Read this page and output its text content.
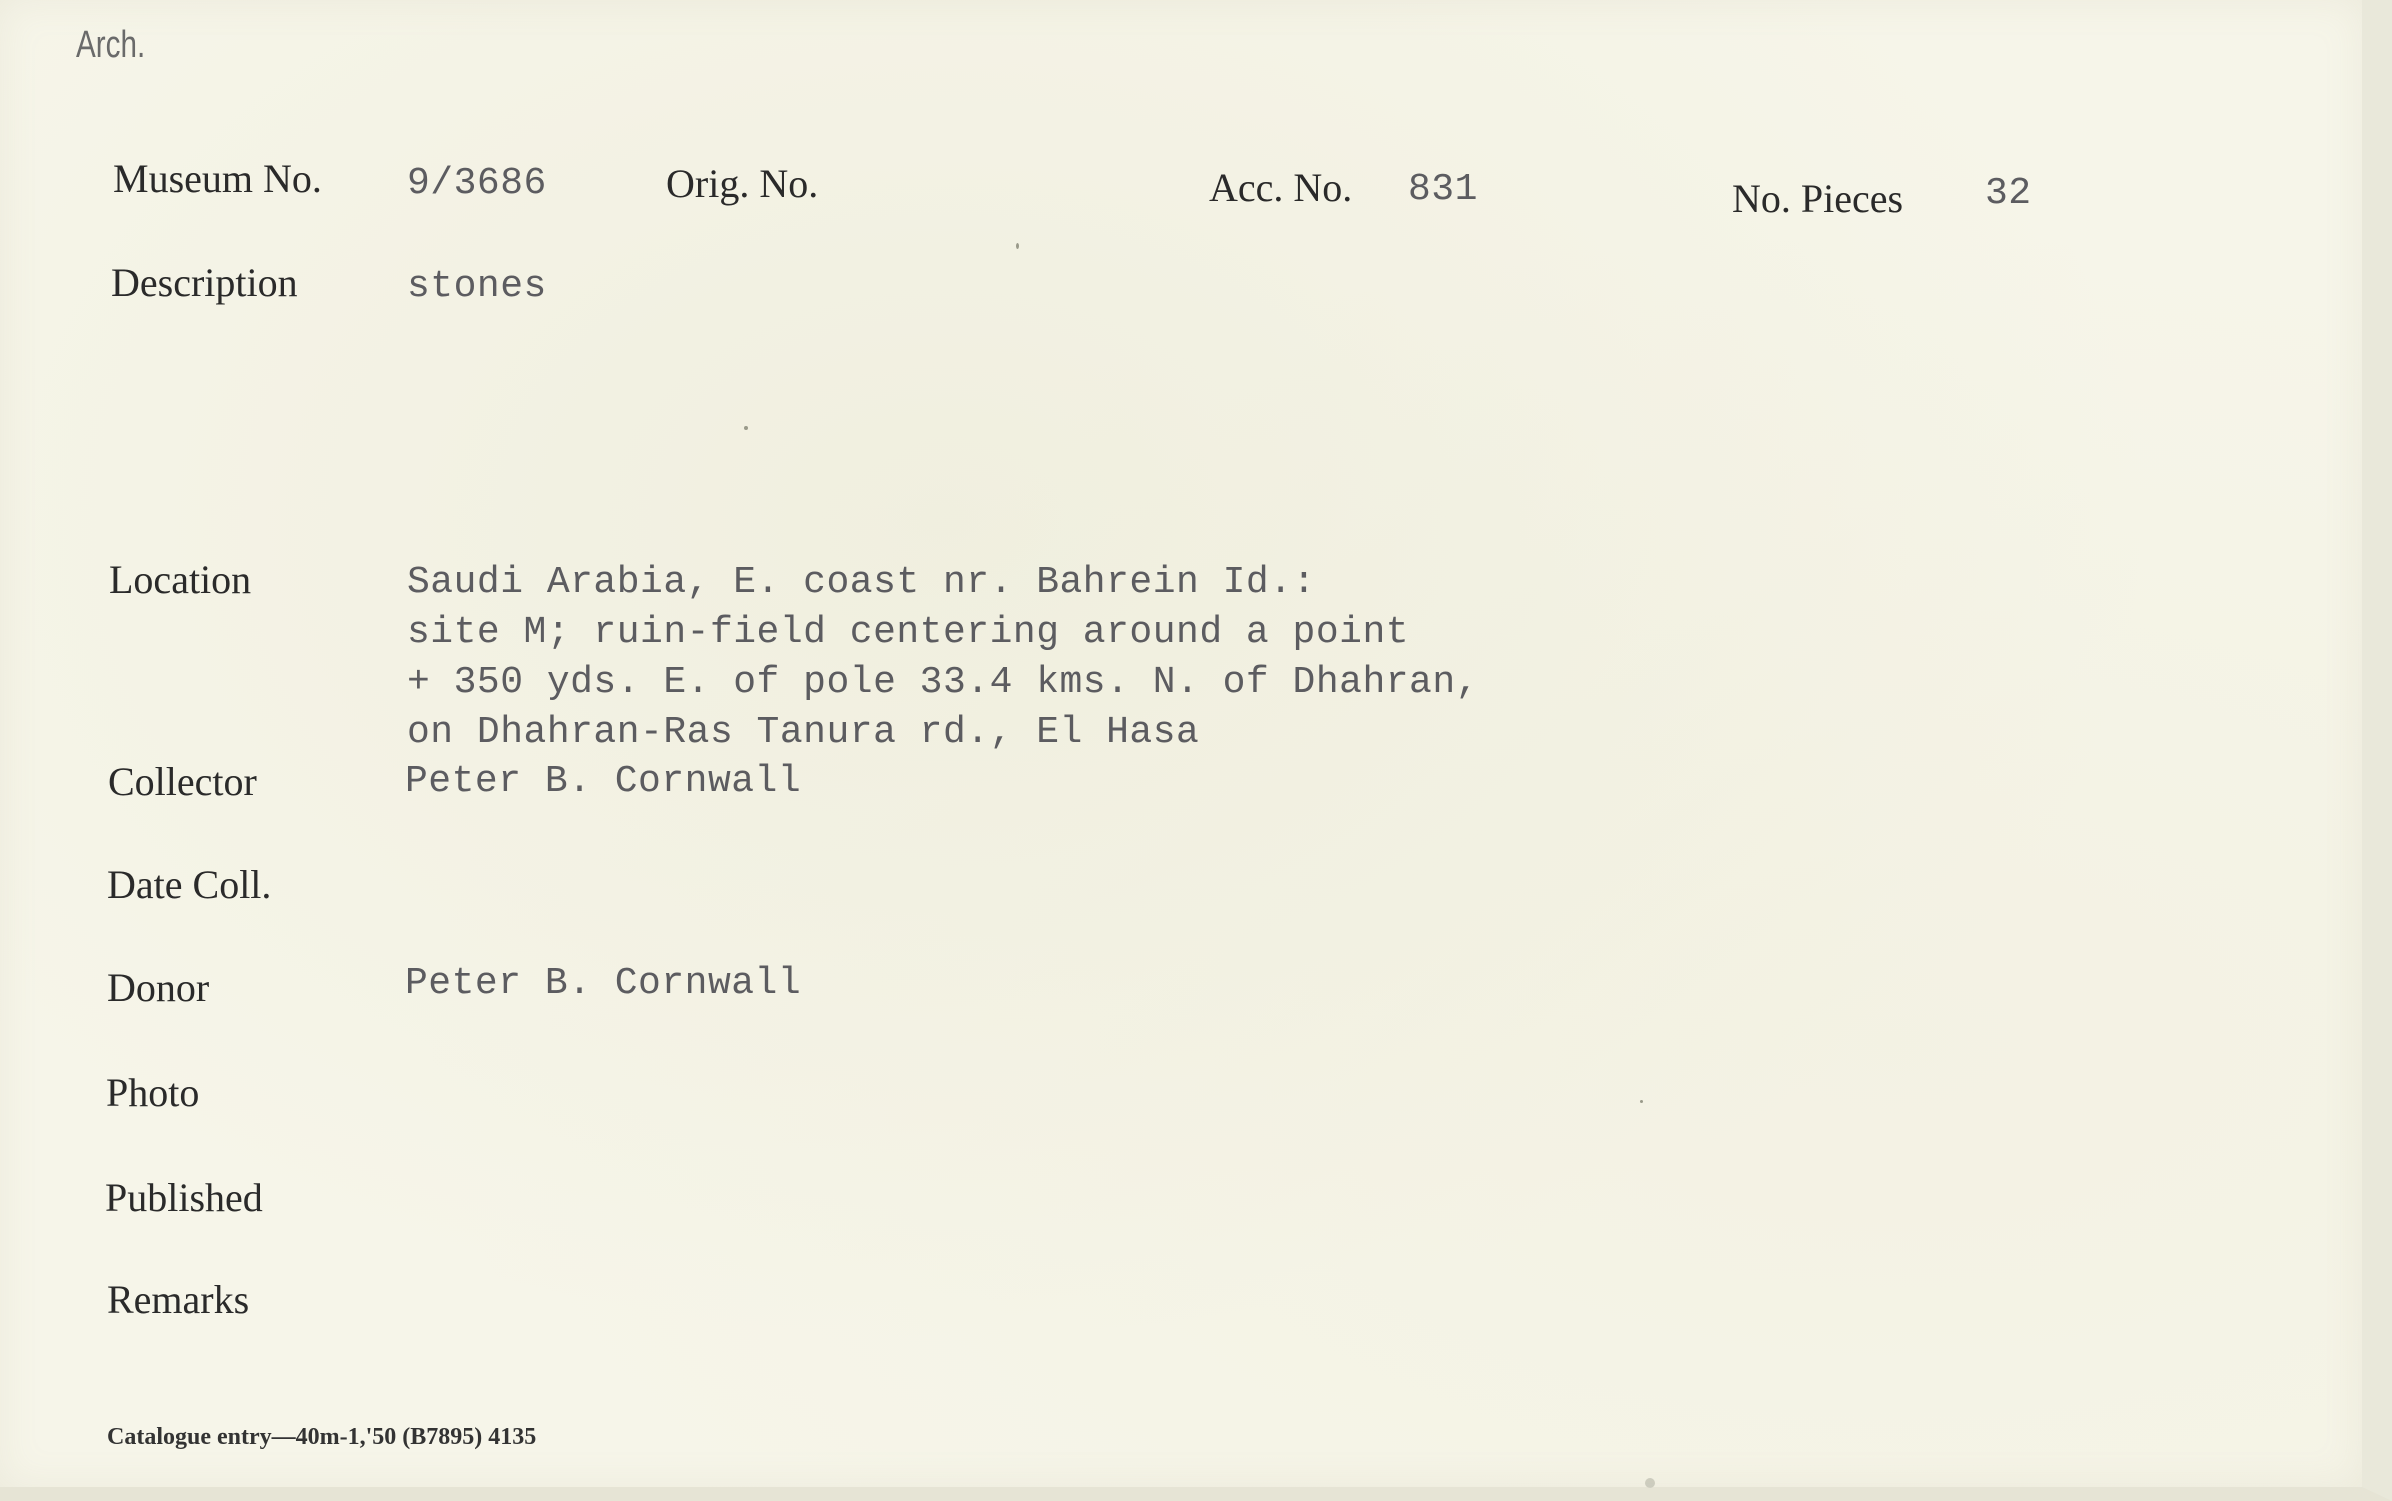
Arch.
Museum No. 9/3686	Orig. No.	Acc. No. 831	No. Pieces 32
Description	stones
Location	Saudi Arabia, E. coast nr. Bahrein Id.:
site M; ruin-field centering around a point
+ 350 yds. E. of pole 33.4 kms. N. of Dhahran,
on Dhahran-Ras Tanura rd., El Hasa
Collector	Peter B. Cornwall
Date Coll.
Donor	Peter B. Cornwall
Photo
Published
Remarks
Catalogue entry—40m-1,'50 (B7895) 4135
